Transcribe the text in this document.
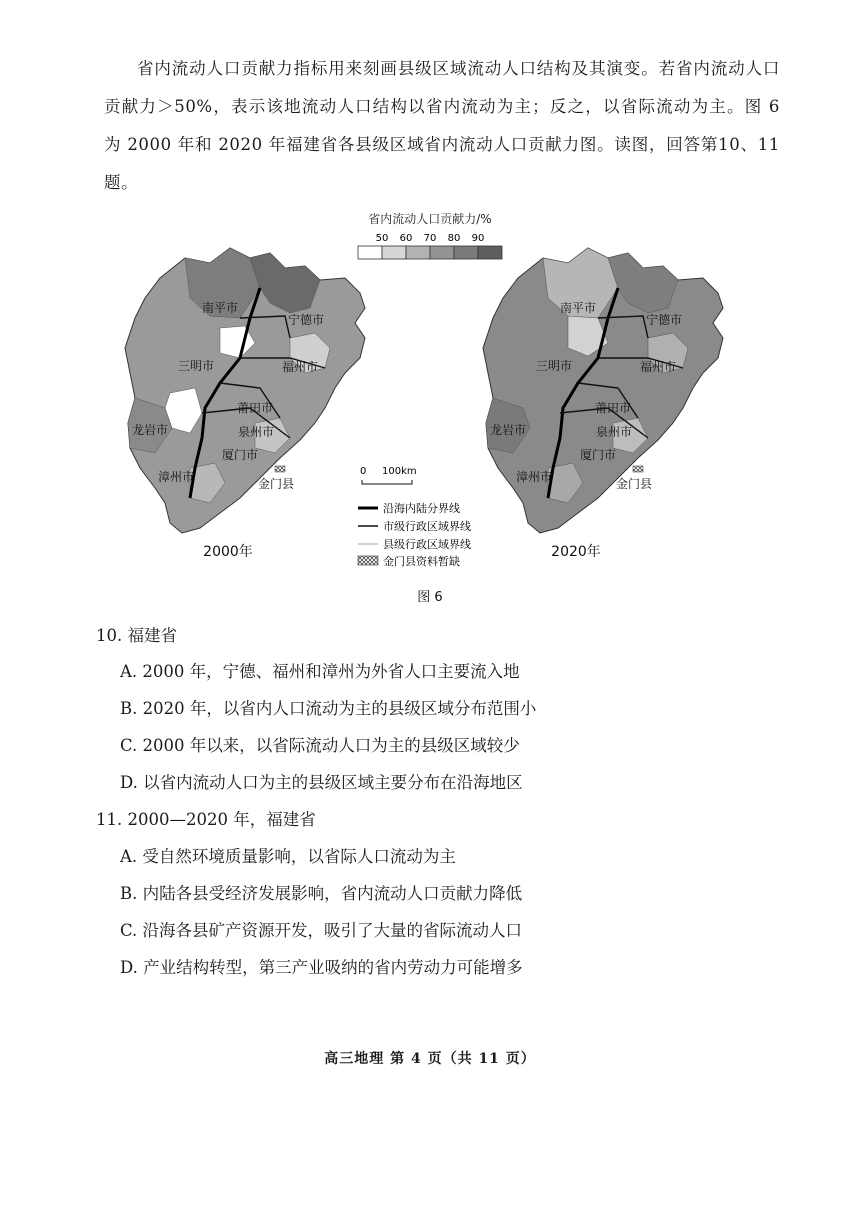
省内流动人口贡献力指标用来刻画县级区域流动人口结构及其演变。若省内流动人口贡献力＞50%，表示该地流动人口结构以省内流动为主；反之，以省际流动为主。图 6 为 2000 年和 2020 年福建省各县级区域省内流动人口贡献力图。读图，回答第10、11 题。

省内流动人口贡献力/%
50 60 70 80 90
南平市
宁德市
三明市	福州市
莆田市
龙岩市	泉州市
厦门市
漳州市	金门县
2000年
南平市
宁德市
三明市	福州市
莆田市
龙岩市	泉州市
厦门市
漳州市	金门县
2020年
0 100km
沿海内陆分界线
市级行政区域界线
县级行政区域界线
金门县资料暂缺
图 6
10. 福建省
A. 2000 年，宁德、福州和漳州为外省人口主要流入地
B. 2020 年，以省内人口流动为主的县级区域分布范围小
C. 2000 年以来，以省际流动人口为主的县级区域较少
D. 以省内流动人口为主的县级区域主要分布在沿海地区
11. 2000—2020 年，福建省
A. 受自然环境质量影响，以省际人口流动为主
B. 内陆各县受经济发展影响，省内流动人口贡献力降低
C. 沿海各县矿产资源开发，吸引了大量的省际流动人口
D. 产业结构转型，第三产业吸纳的省内劳动力可能增多
高三地理 第 4 页（共 11 页）
